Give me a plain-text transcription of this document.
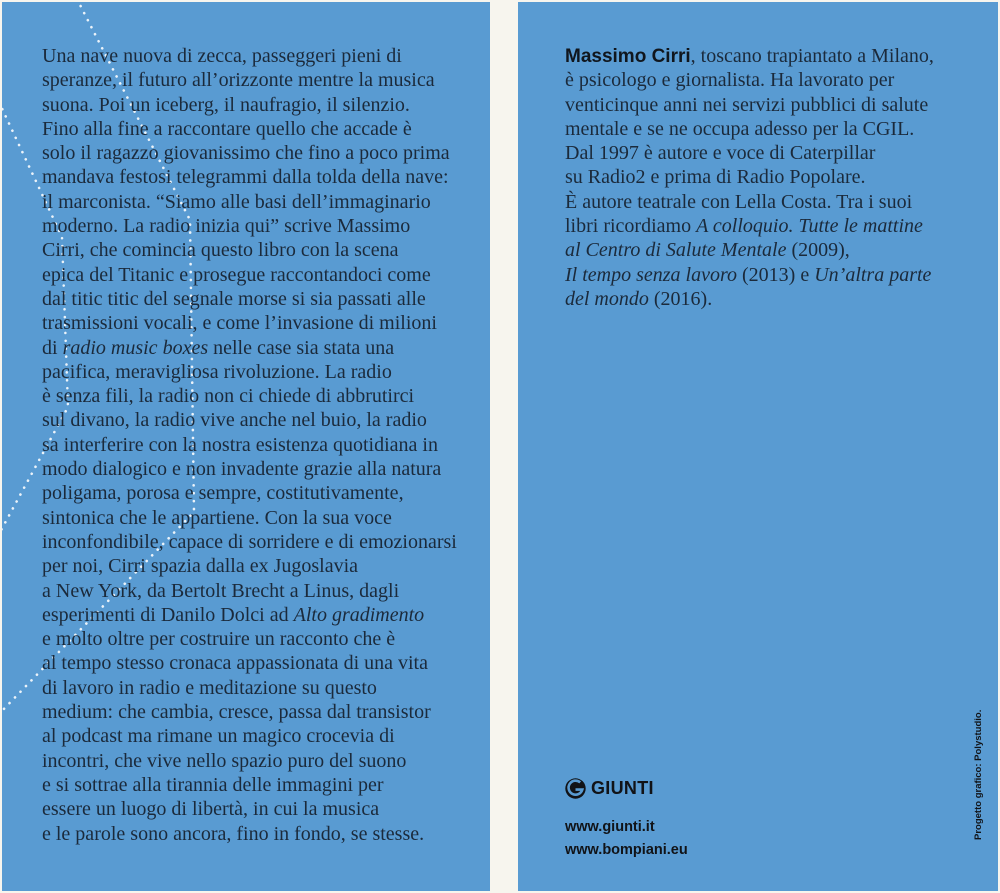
Una nave nuova di zecca, passeggeri pieni di
speranze, il futuro all’orizzonte mentre la musica
suona. Poi un iceberg, il naufragio, il silenzio.
Fino alla fine a raccontare quello che accade è
solo il ragazzo giovanissimo che fino a poco prima
mandava festosi telegrammi dalla tolda della nave:
il marconista. “Siamo alle basi dell’immaginario
moderno. La radio inizia qui” scrive Massimo
Cirri, che comincia questo libro con la scena
epica del Titanic e prosegue raccontandoci come
dal titic titic del segnale morse si sia passati alle
trasmissioni vocali, e come l’invasione di milioni
di radio music boxes nelle case sia stata una
pacifica, meravigliosa rivoluzione. La radio
è senza fili, la radio non ci chiede di abbrutirci
sul divano, la radio vive anche nel buio, la radio
sa interferire con la nostra esistenza quotidiana in
modo dialogico e non invadente grazie alla natura
poligama, porosa e sempre, costitutivamente,
sintonica che le appartiene. Con la sua voce
inconfondibile, capace di sorridere e di emozionarsi
per noi, Cirri spazia dalla ex Jugoslavia
a New York, da Bertolt Brecht a Linus, dagli
esperimenti di Danilo Dolci ad Alto gradimento
e molto oltre per costruire un racconto che è
al tempo stesso cronaca appassionata di una vita
di lavoro in radio e meditazione su questo
medium: che cambia, cresce, passa dal transistor
al podcast ma rimane un magico crocevia di
incontri, che vive nello spazio puro del suono
e si sottrae alla tirannia delle immagini per
essere un luogo di libertà, in cui la musica
e le parole sono ancora, fino in fondo, se stesse.
Massimo Cirri, toscano trapiantato a Milano,
è psicologo e giornalista. Ha lavorato per
venticinque anni nei servizi pubblici di salute
mentale e se ne occupa adesso per la CGIL.
Dal 1997 è autore e voce di Caterpillar
su Radio2 e prima di Radio Popolare.
È autore teatrale con Lella Costa. Tra i suoi
libri ricordiamo A colloquio. Tutte le mattine
al Centro di Salute Mentale (2009),
Il tempo senza lavoro (2013) e Un’altra parte
del mondo (2016).
GIUNTI
www.giunti.it
www.bompiani.eu
Progetto grafico: Polystudio.
